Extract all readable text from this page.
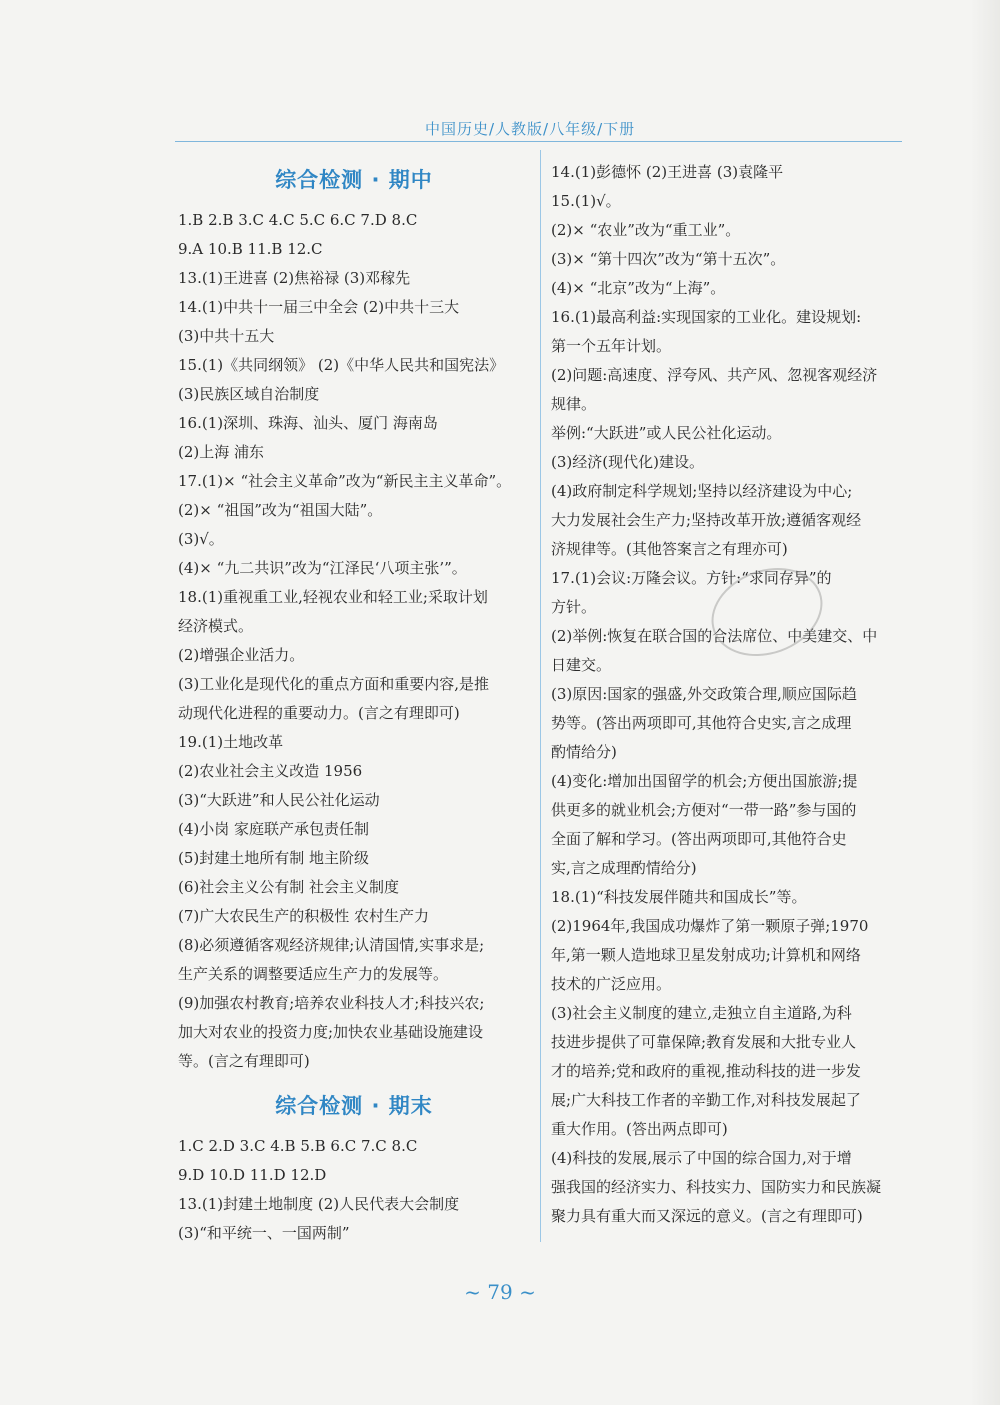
中国历史/人教版/八年级/下册
综合检测 · 期中
1.B 2.B 3.C 4.C 5.C 6.C 7.D 8.C
9.A 10.B 11.B 12.C
13.(1)王进喜 (2)焦裕禄 (3)邓稼先
14.(1)中共十一届三中全会 (2)中共十三大
(3)中共十五大
15.(1)《共同纲领》 (2)《中华人民共和国宪法》
(3)民族区域自治制度
16.(1)深圳、珠海、汕头、厦门 海南岛
(2)上海 浦东
17.(1)× “社会主义革命”改为“新民主主义革命”。
(2)× “祖国”改为“祖国大陆”。
(3)√。
(4)× “九二共识”改为“江泽民‘八项主张’”。
18.(1)重视重工业,轻视农业和轻工业;采取计划
经济模式。
(2)增强企业活力。
(3)工业化是现代化的重点方面和重要内容,是推
动现代化进程的重要动力。(言之有理即可)
19.(1)土地改革
(2)农业社会主义改造 1956
(3)“大跃进”和人民公社化运动
(4)小岗 家庭联产承包责任制
(5)封建土地所有制 地主阶级
(6)社会主义公有制 社会主义制度
(7)广大农民生产的积极性 农村生产力
(8)必须遵循客观经济规律;认清国情,实事求是;
生产关系的调整要适应生产力的发展等。
(9)加强农村教育;培养农业科技人才;科技兴农;
加大对农业的投资力度;加快农业基础设施建设
等。(言之有理即可)
综合检测 · 期末
1.C 2.D 3.C 4.B 5.B 6.C 7.C 8.C
9.D 10.D 11.D 12.D
13.(1)封建土地制度 (2)人民代表大会制度
(3)“和平统一、一国两制”
14.(1)彭德怀 (2)王进喜 (3)袁隆平
15.(1)√。
(2)× “农业”改为“重工业”。
(3)× “第十四次”改为“第十五次”。
(4)× “北京”改为“上海”。
16.(1)最高利益:实现国家的工业化。建设规划:
第一个五年计划。
(2)问题:高速度、浮夸风、共产风、忽视客观经济
规律。
举例:“大跃进”或人民公社化运动。
(3)经济(现代化)建设。
(4)政府制定科学规划;坚持以经济建设为中心;
大力发展社会生产力;坚持改革开放;遵循客观经
济规律等。(其他答案言之有理亦可)
17.(1)会议:万隆会议。方针:“求同存异”的
方针。
(2)举例:恢复在联合国的合法席位、中美建交、中
日建交。
(3)原因:国家的强盛,外交政策合理,顺应国际趋
势等。(答出两项即可,其他符合史实,言之成理
酌情给分)
(4)变化:增加出国留学的机会;方便出国旅游;提
供更多的就业机会;方便对“一带一路”参与国的
全面了解和学习。(答出两项即可,其他符合史
实,言之成理酌情给分)
18.(1)“科技发展伴随共和国成长”等。
(2)1964年,我国成功爆炸了第一颗原子弹;1970
年,第一颗人造地球卫星发射成功;计算机和网络
技术的广泛应用。
(3)社会主义制度的建立,走独立自主道路,为科
技进步提供了可靠保障;教育发展和大批专业人
才的培养;党和政府的重视,推动科技的进一步发
展;广大科技工作者的辛勤工作,对科技发展起了
重大作用。(答出两点即可)
(4)科技的发展,展示了中国的综合国力,对于增
强我国的经济实力、科技实力、国防实力和民族凝
聚力具有重大而又深远的意义。(言之有理即可)
~ 79 ~
